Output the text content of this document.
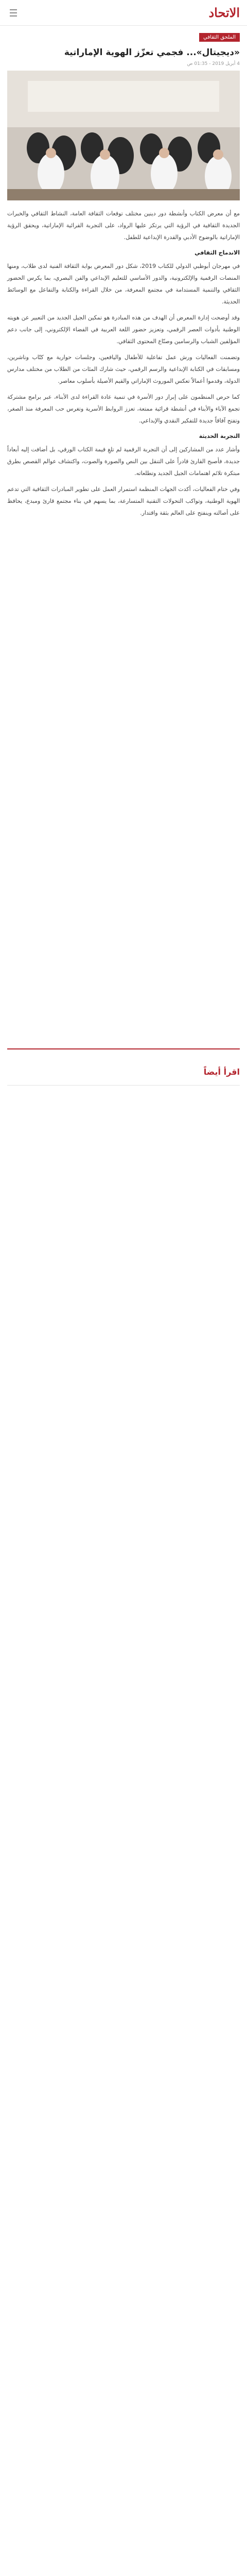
الاتحاد
الملحق الثقافي
«ديجيتال»... فجمي تعزّز الهوية الإماراتية
4 أبريل 2019 - 01:35 ص

مع أن معرض الكتاب وأنشطة دور دينين مختلف توقعات الثقافة العامة، النشاط الثقافي والخبرات الجديدة الثقافية في الرؤية التي يرتكز عليها الرواد، على التجربة القرائية الإماراتية، ويحقق الرؤية الإماراتية بالوضوح الأدبي والقدرة الإبداعية للطفل.

الاندماج الثقافي

في مهرجان أبوظبي الدولي للكتاب 2019، شكل دور المعرض بوابة الثقافة الفنية لدى طلاب، ومنها المنصات الرقمية والإلكترونية، والدور الأساسي للتعليم الإبداعي والفن البصري، بما يكرس الحضور الثقافي والتنمية المستدامة في مجتمع المعرفة، من خلال القراءة والكتابة والتفاعل مع الوسائط الحديثة.

وقد أوضحت إدارة المعرض أن الهدف من هذه المبادرة هو تمكين الجيل الجديد من التعبير عن هويته الوطنية بأدوات العصر الرقمي، وتعزيز حضور اللغة العربية في الفضاء الإلكتروني، إلى جانب دعم المؤلفين الشباب والرسامين وصنّاع المحتوى الثقافي.

وتضمنت الفعاليات ورش عمل تفاعلية للأطفال واليافعين، وجلسات حوارية مع كتّاب وناشرين، ومسابقات في الكتابة الإبداعية والرسم الرقمي، حيث شارك المئات من الطلاب من مختلف مدارس الدولة، وقدموا أعمالاً تعكس الموروث الإماراتي والقيم الأصيلة بأسلوب معاصر.

كما حرص المنظمون على إبراز دور الأسرة في تنمية عادة القراءة لدى الأبناء، عبر برامج مشتركة تجمع الآباء والأبناء في أنشطة قرائية ممتعة، تعزز الروابط الأسرية وتغرس حب المعرفة منذ الصغر، وتفتح آفاقاً جديدة للتفكير النقدي والإبداعي.

التجربة الحديثة

وأشار عدد من المشاركين إلى أن التجربة الرقمية لم تلغِ قيمة الكتاب الورقي، بل أضافت إليه أبعاداً جديدة، فأصبح القارئ قادراً على التنقل بين النص والصورة والصوت، واكتشاف عوالم القصص بطرق مبتكرة تلائم اهتمامات الجيل الجديد وتطلعاته.

وفي ختام الفعاليات، أكدت الجهات المنظمة استمرار العمل على تطوير المبادرات الثقافية التي تدعم الهوية الوطنية، وتواكب التحولات التقنية المتسارعة، بما يسهم في بناء مجتمع قارئ ومبدع، يحافظ على أصالته وينفتح على العالم بثقة واقتدار.

اقرأ أيضاً
